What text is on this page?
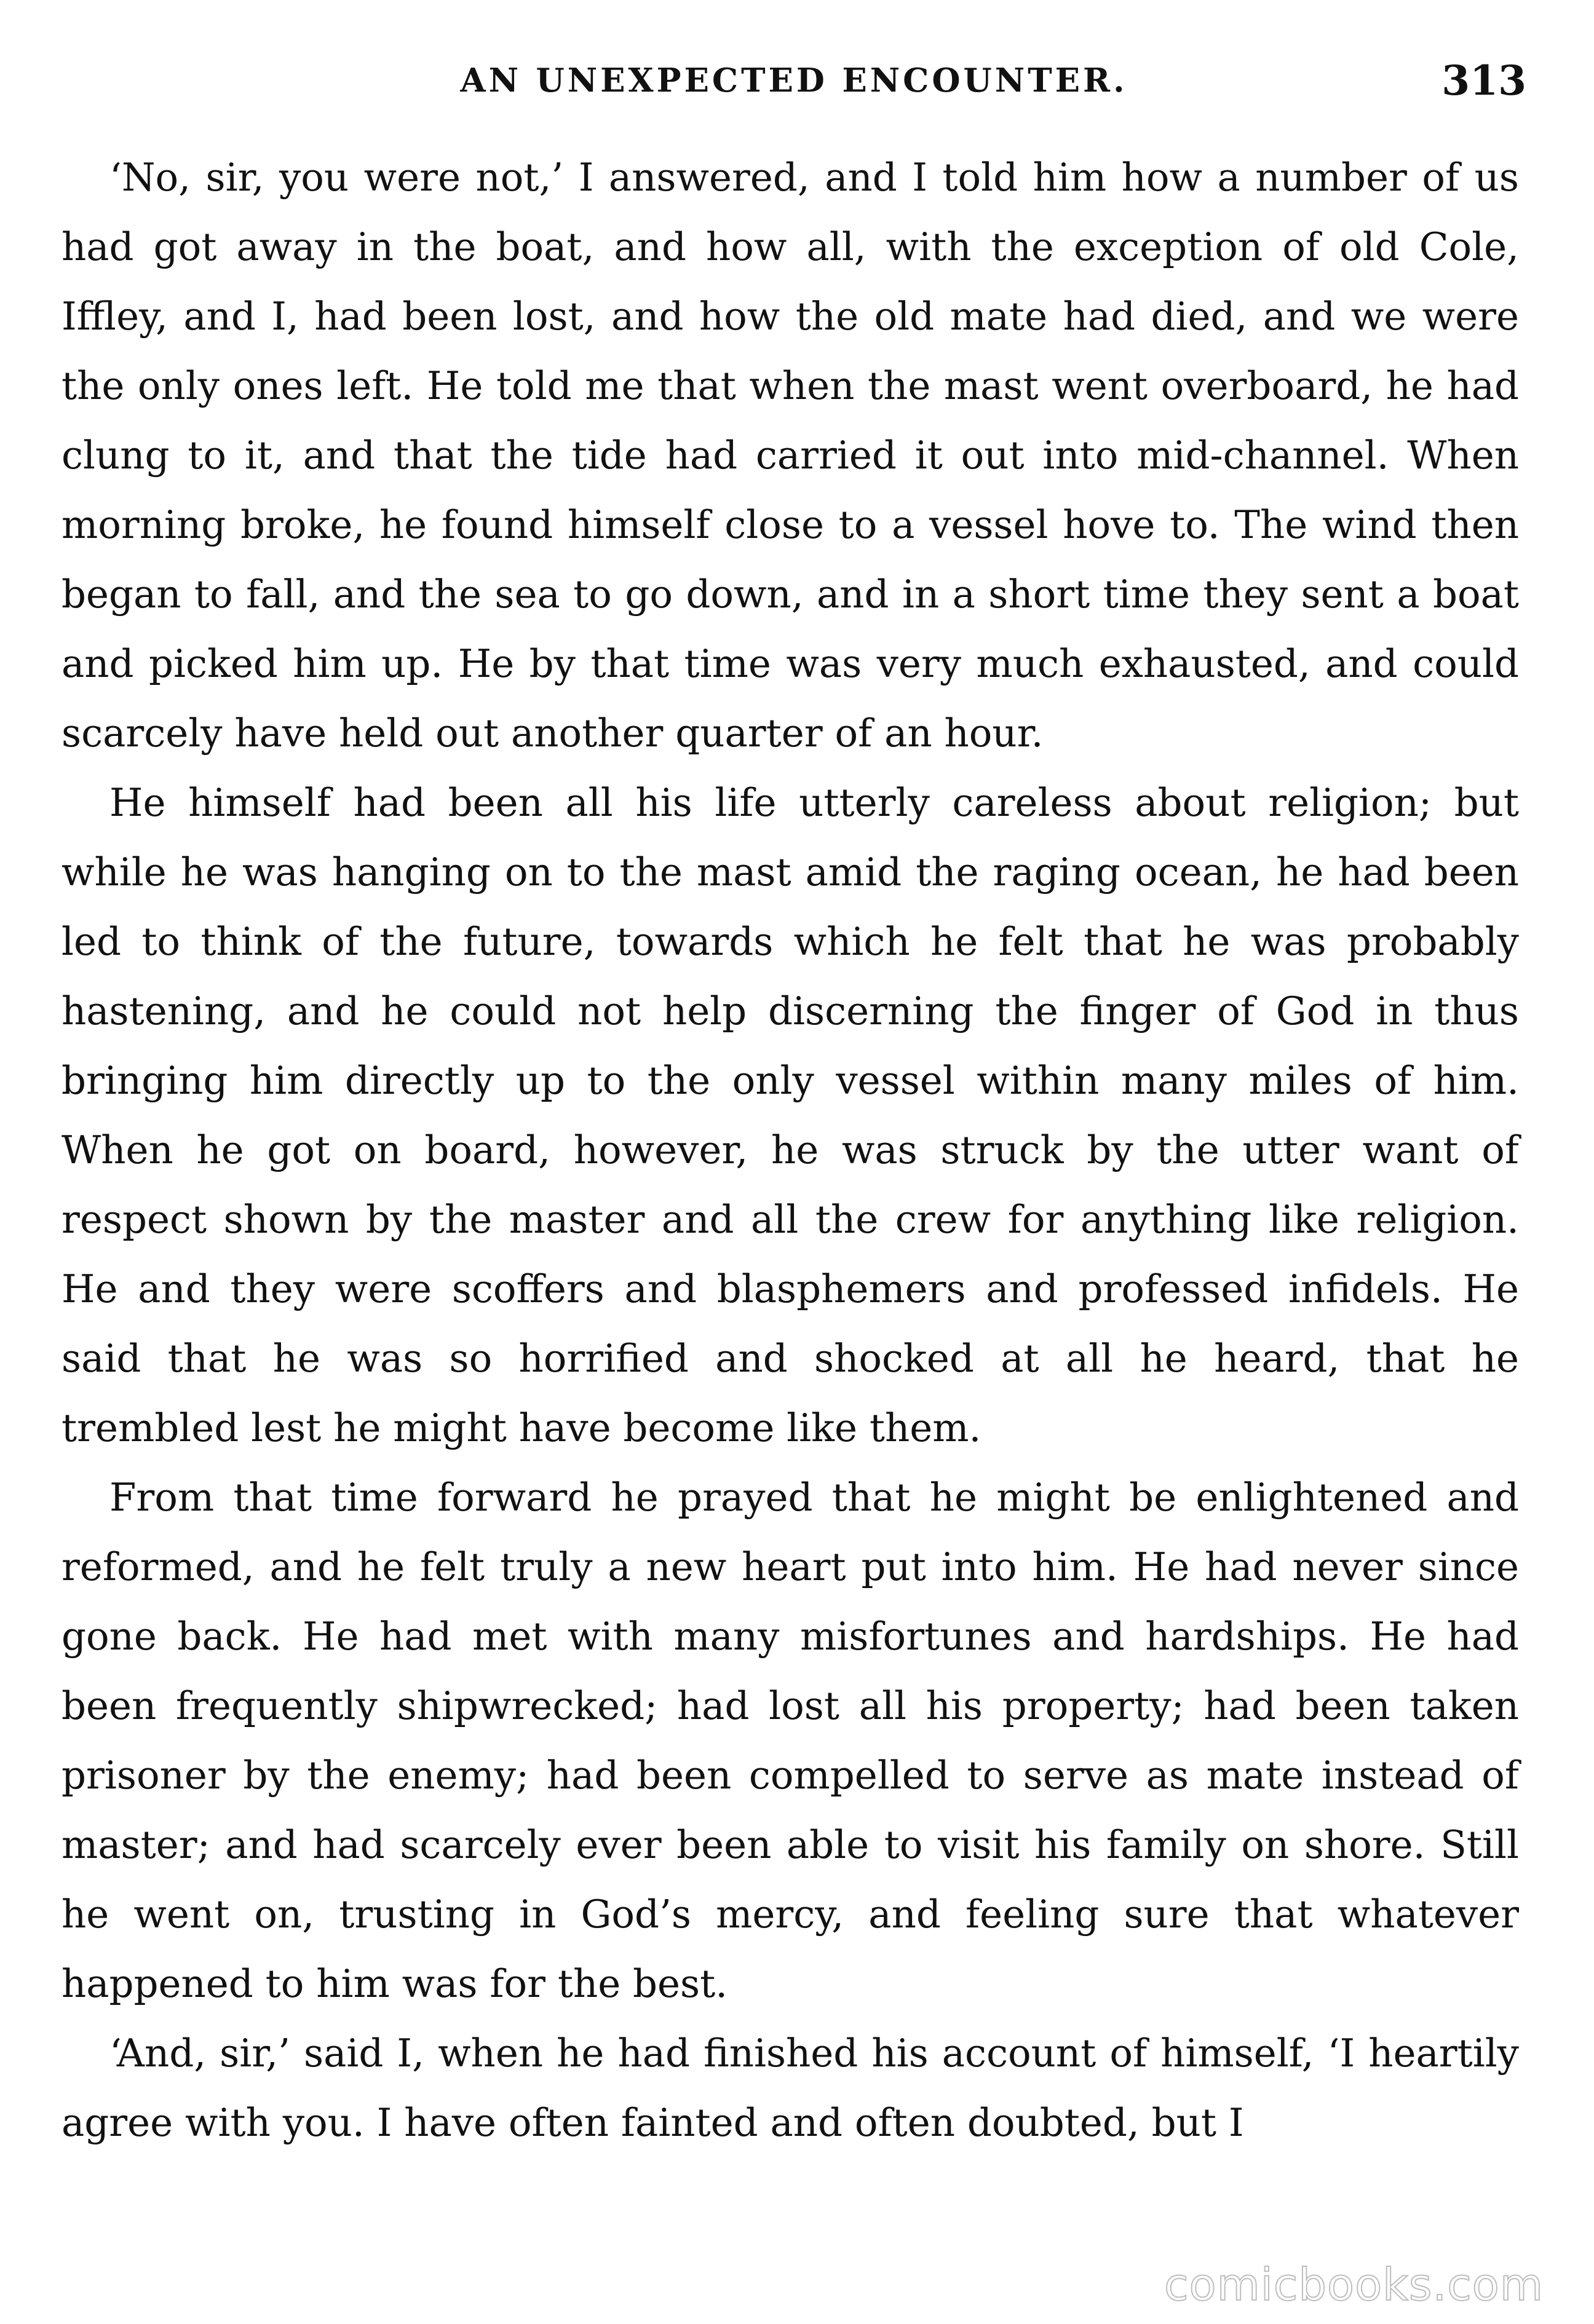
AN UNEXPECTED ENCOUNTER.	313

‘No, sir, you were not,’ I answered, and I told him how a number of us had got away in the boat, and how all, with the exception of old Cole, Iffley, and I, had been lost, and how the old mate had died, and we were the only ones left. He told me that when the mast went overboard, he had clung to it, and that the tide had carried it out into mid-channel. When morning broke, he found himself close to a vessel hove to. The wind then began to fall, and the sea to go down, and in a short time they sent a boat and picked him up. He by that time was very much exhausted, and could scarcely have held out another quarter of an hour.

He himself had been all his life utterly careless about religion; but while he was hanging on to the mast amid the raging ocean, he had been led to think of the future, towards which he felt that he was probably hastening, and he could not help discerning the finger of God in thus bringing him directly up to the only vessel within many miles of him. When he got on board, however, he was struck by the utter want of respect shown by the master and all the crew for anything like religion. He and they were scoffers and blasphemers and professed infidels. He said that he was so horrified and shocked at all he heard, that he trembled lest he might have become like them.

From that time forward he prayed that he might be enlightened and reformed, and he felt truly a new heart put into him. He had never since gone back. He had met with many misfortunes and hardships. He had been frequently shipwrecked; had lost all his property; had been taken prisoner by the enemy; had been compelled to serve as mate instead of master; and had scarcely ever been able to visit his family on shore. Still he went on, trusting in God’s mercy, and feeling sure that whatever happened to him was for the best.

‘And, sir,’ said I, when he had finished his account of himself, ‘I heartily agree with you. I have often fainted and often doubted, but I

comicbooks.com
